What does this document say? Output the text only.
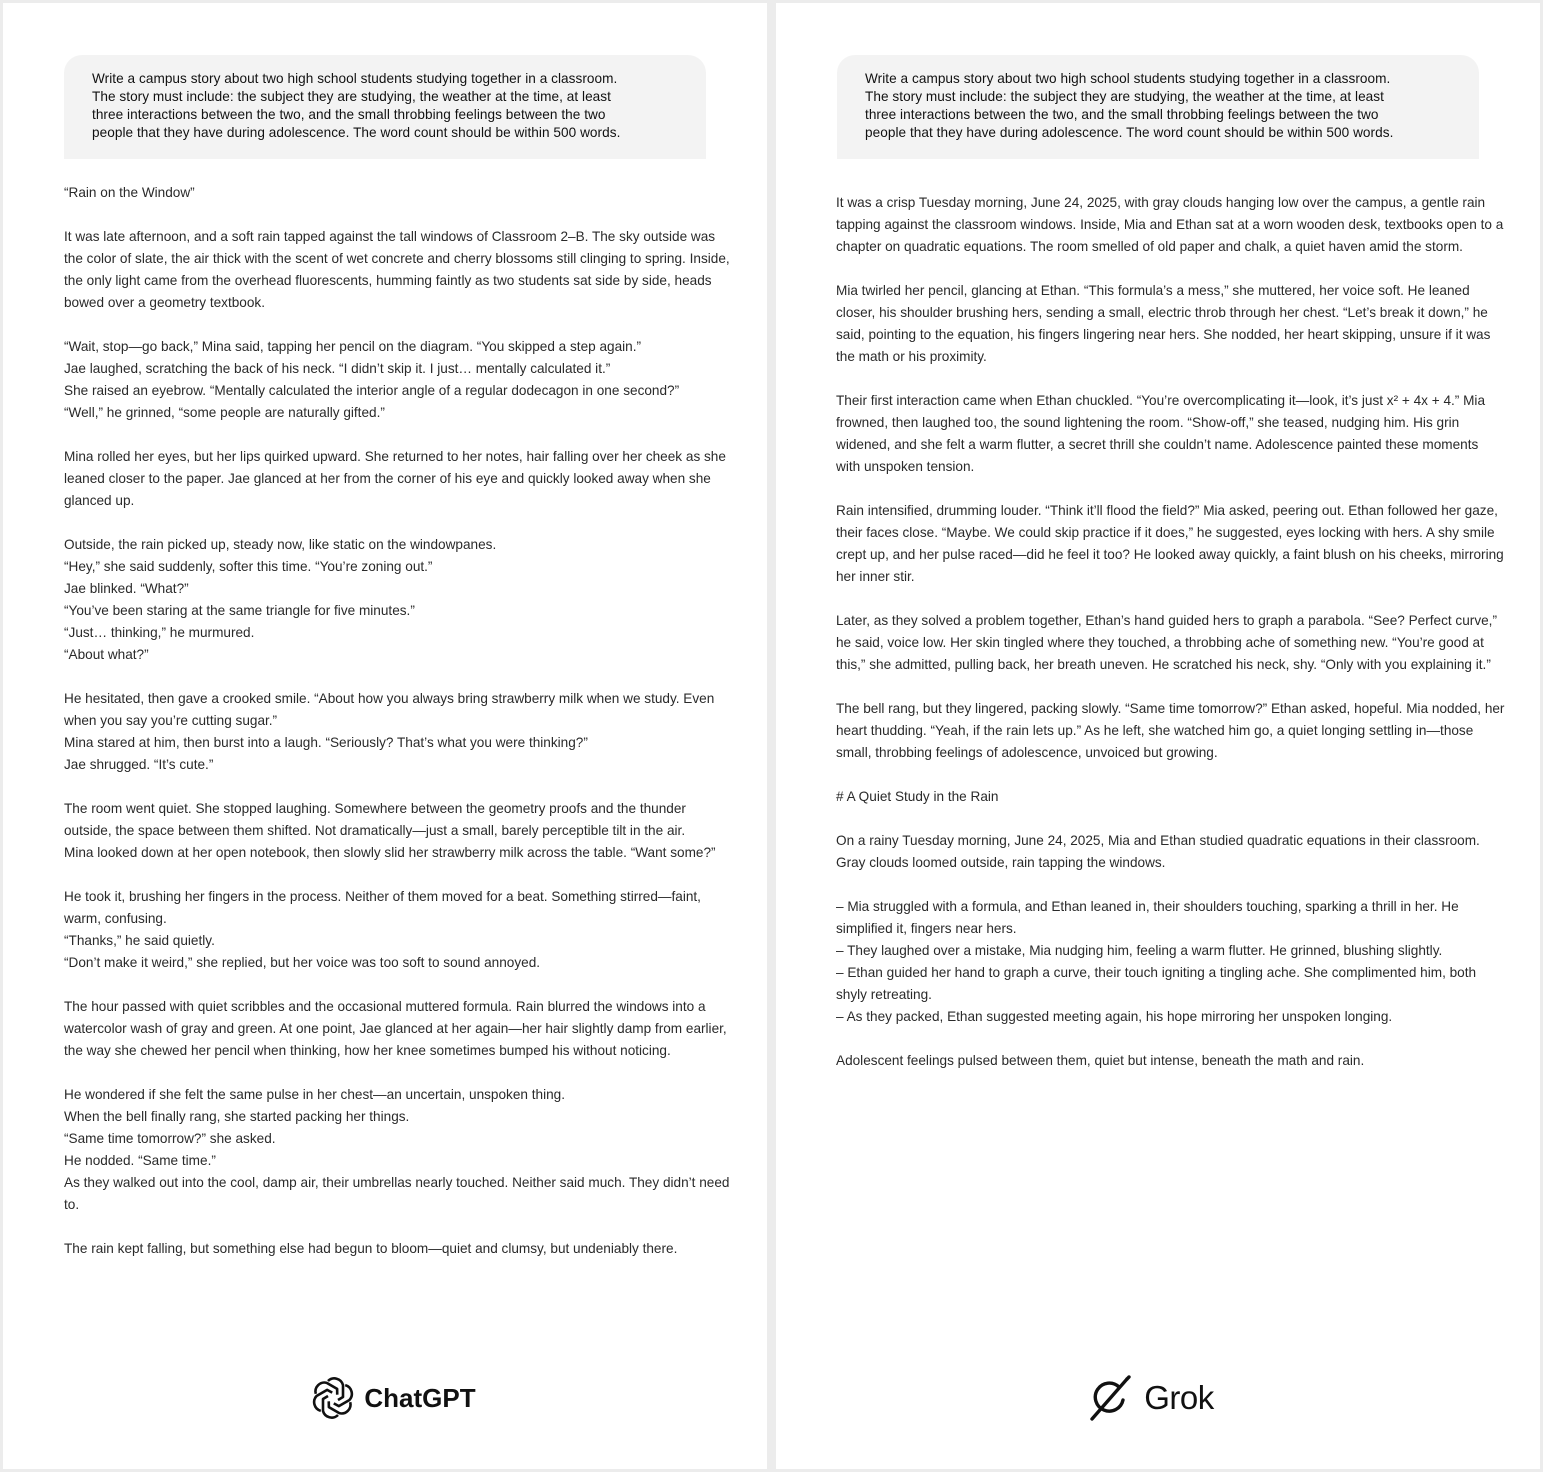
Write a campus story about two high school students studying together in a classroom.
The story must include: the subject they are studying, the weather at the time, at least
three interactions between the two, and the small throbbing feelings between the two
people that they have during adolescence. The word count should be within 500 words.

“Rain on the Window”

It was late afternoon, and a soft rain tapped against the tall windows of Classroom 2–B. The sky outside was the color of slate, the air thick with the scent of wet concrete and cherry blossoms still clinging to spring. Inside, the only light came from the overhead fluorescents, humming faintly as two students sat side by side, heads bowed over a geometry textbook.

“Wait, stop—go back,” Mina said, tapping her pencil on the diagram. “You skipped a step again.”
Jae laughed, scratching the back of his neck. “I didn’t skip it. I just… mentally calculated it.”
She raised an eyebrow. “Mentally calculated the interior angle of a regular dodecagon in one second?”
“Well,” he grinned, “some people are naturally gifted.”

Mina rolled her eyes, but her lips quirked upward. She returned to her notes, hair falling over her cheek as she leaned closer to the paper. Jae glanced at her from the corner of his eye and quickly looked away when she glanced up.

Outside, the rain picked up, steady now, like static on the windowpanes.
“Hey,” she said suddenly, softer this time. “You’re zoning out.”
Jae blinked. “What?”
“You’ve been staring at the same triangle for five minutes.”
“Just… thinking,” he murmured.
“About what?”

He hesitated, then gave a crooked smile. “About how you always bring strawberry milk when we study. Even when you say you’re cutting sugar.”
Mina stared at him, then burst into a laugh. “Seriously? That’s what you were thinking?”
Jae shrugged. “It’s cute.”

The room went quiet. She stopped laughing. Somewhere between the geometry proofs and the thunder outside, the space between them shifted. Not dramatically—just a small, barely perceptible tilt in the air.
Mina looked down at her open notebook, then slowly slid her strawberry milk across the table. “Want some?”

He took it, brushing her fingers in the process. Neither of them moved for a beat. Something stirred—faint, warm, confusing.
“Thanks,” he said quietly.
“Don’t make it weird,” she replied, but her voice was too soft to sound annoyed.

The hour passed with quiet scribbles and the occasional muttered formula. Rain blurred the windows into a watercolor wash of gray and green. At one point, Jae glanced at her again—her hair slightly damp from earlier, the way she chewed her pencil when thinking, how her knee sometimes bumped his without noticing.

He wondered if she felt the same pulse in her chest—an uncertain, unspoken thing.
When the bell finally rang, she started packing her things.
“Same time tomorrow?” she asked.
He nodded. “Same time.”
As they walked out into the cool, damp air, their umbrellas nearly touched. Neither said much. They didn’t need to.

The rain kept falling, but something else had begun to bloom—quiet and clumsy, but undeniably there.

ChatGPT

Write a campus story about two high school students studying together in a classroom.
The story must include: the subject they are studying, the weather at the time, at least
three interactions between the two, and the small throbbing feelings between the two
people that they have during adolescence. The word count should be within 500 words.

It was a crisp Tuesday morning, June 24, 2025, with gray clouds hanging low over the campus, a gentle rain tapping against the classroom windows. Inside, Mia and Ethan sat at a worn wooden desk, textbooks open to a chapter on quadratic equations. The room smelled of old paper and chalk, a quiet haven amid the storm.

Mia twirled her pencil, glancing at Ethan. “This formula’s a mess,” she muttered, her voice soft. He leaned closer, his shoulder brushing hers, sending a small, electric throb through her chest. “Let’s break it down,” he said, pointing to the equation, his fingers lingering near hers. She nodded, her heart skipping, unsure if it was the math or his proximity.

Their first interaction came when Ethan chuckled. “You’re overcomplicating it—look, it’s just x² + 4x + 4.” Mia frowned, then laughed too, the sound lightening the room. “Show-off,” she teased, nudging him. His grin widened, and she felt a warm flutter, a secret thrill she couldn’t name. Adolescence painted these moments with unspoken tension.

Rain intensified, drumming louder. “Think it’ll flood the field?” Mia asked, peering out. Ethan followed her gaze, their faces close. “Maybe. We could skip practice if it does,” he suggested, eyes locking with hers. A shy smile crept up, and her pulse raced—did he feel it too? He looked away quickly, a faint blush on his cheeks, mirroring her inner stir.

Later, as they solved a problem together, Ethan’s hand guided hers to graph a parabola. “See? Perfect curve,” he said, voice low. Her skin tingled where they touched, a throbbing ache of something new. “You’re good at this,” she admitted, pulling back, her breath uneven. He scratched his neck, shy. “Only with you explaining it.”

The bell rang, but they lingered, packing slowly. “Same time tomorrow?” Ethan asked, hopeful. Mia nodded, her heart thudding. “Yeah, if the rain lets up.” As he left, she watched him go, a quiet longing settling in—those small, throbbing feelings of adolescence, unvoiced but growing.

# A Quiet Study in the Rain

On a rainy Tuesday morning, June 24, 2025, Mia and Ethan studied quadratic equations in their classroom. Gray clouds loomed outside, rain tapping the windows.

– Mia struggled with a formula, and Ethan leaned in, their shoulders touching, sparking a thrill in her. He simplified it, fingers near hers.
– They laughed over a mistake, Mia nudging him, feeling a warm flutter. He grinned, blushing slightly.
– Ethan guided her hand to graph a curve, their touch igniting a tingling ache. She complimented him, both shyly retreating.
– As they packed, Ethan suggested meeting again, his hope mirroring her unspoken longing.

Adolescent feelings pulsed between them, quiet but intense, beneath the math and rain.

Grok
